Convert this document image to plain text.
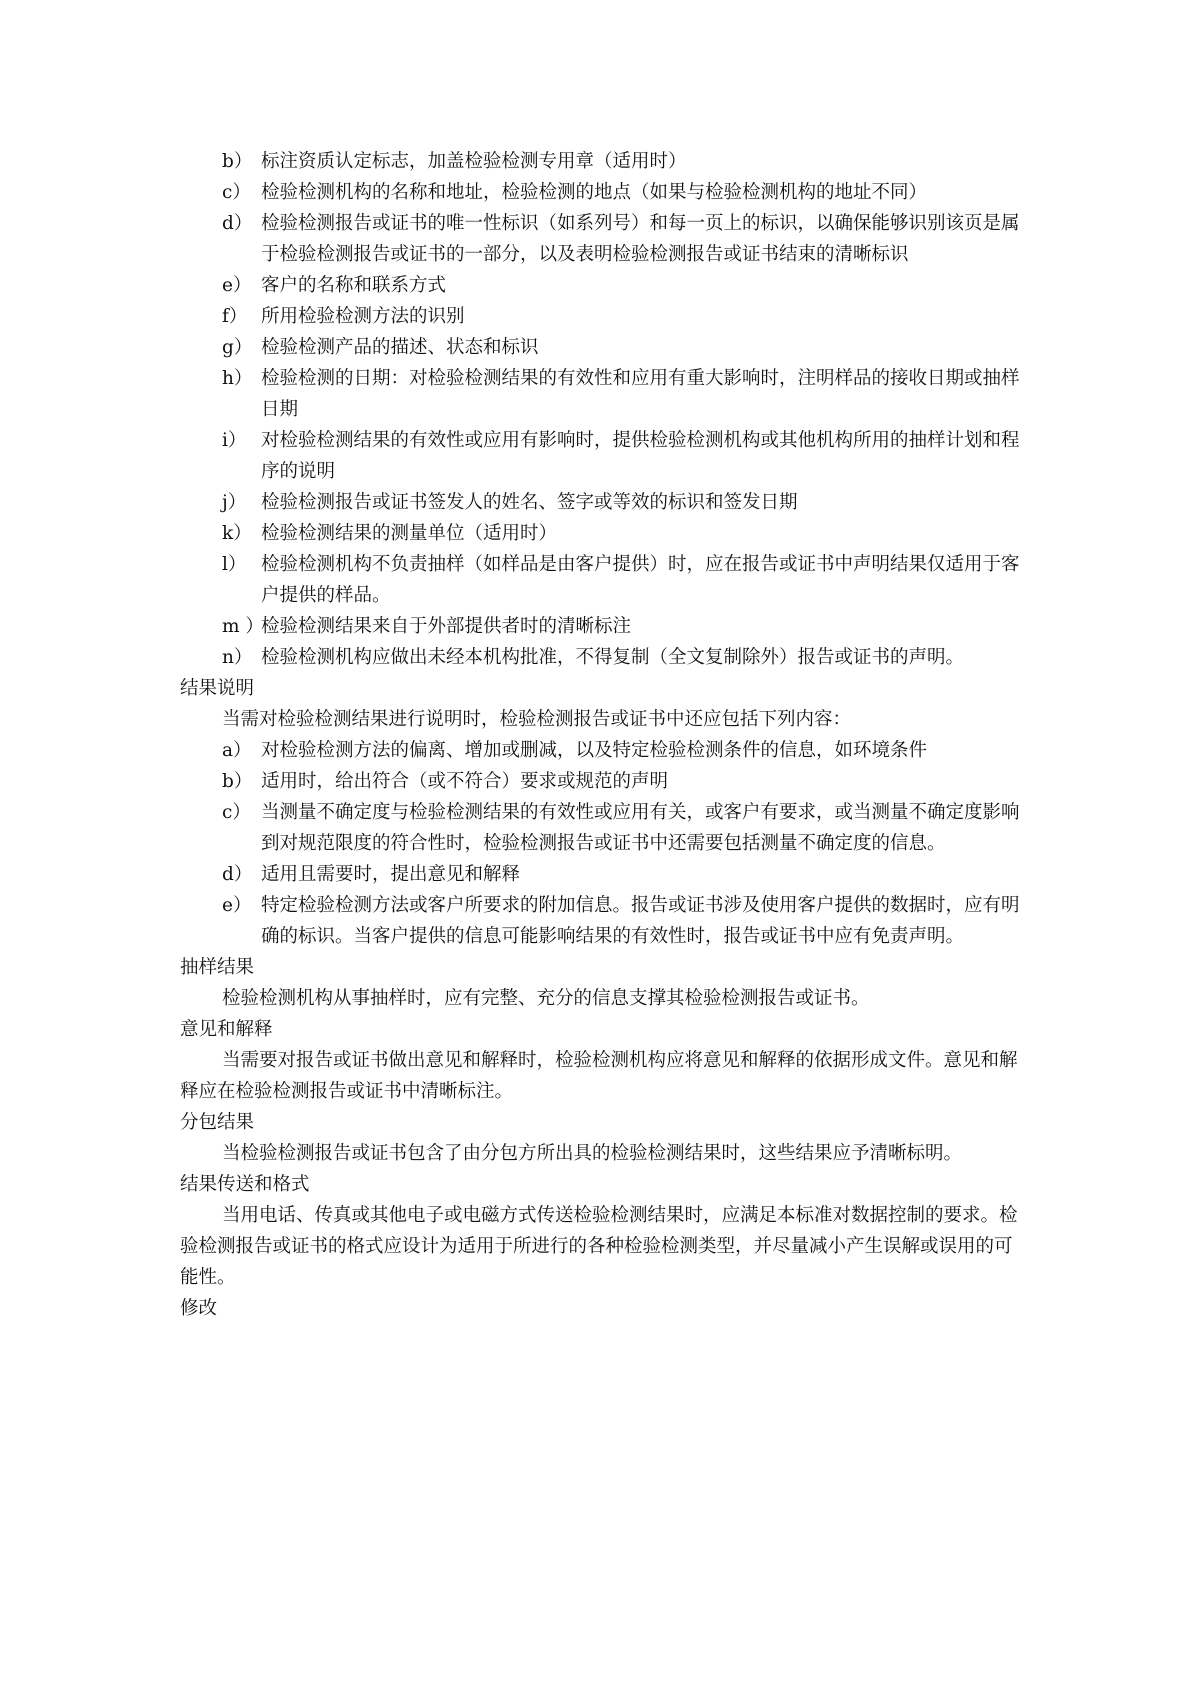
b） 标注资质认定标志，加盖检验检测专用章（适用时）
c） 检验检测机构的名称和地址，检验检测的地点（如果与检验检测机构的地址不同）
d） 检验检测报告或证书的唯一性标识（如系列号）和每一页上的标识，以确保能够识别该页是属于检验检测报告或证书的一部分，以及表明检验检测报告或证书结束的清晰标识
e） 客户的名称和联系方式
f） 所用检验检测方法的识别
g） 检验检测产品的描述、状态和标识
h） 检验检测的日期：对检验检测结果的有效性和应用有重大影响时，注明样品的接收日期或抽样日期
i） 对检验检测结果的有效性或应用有影响时，提供检验检测机构或其他机构所用的抽样计划和程序的说明
j） 检验检测报告或证书签发人的姓名、签字或等效的标识和签发日期
k） 检验检测结果的测量单位（适用时）
l） 检验检测机构不负责抽样（如样品是由客户提供）时，应在报告或证书中声明结果仅适用于客户提供的样品。
m ）
检验检测结果来自于外部提供者时的清晰标注
n） 检验检测机构应做出未经本机构批准，不得复制（全文复制除外）报告或证书的声明。
结果说明
当需对检验检测结果进行说明时，检验检测报告或证书中还应包括下列内容：
a） 对检验检测方法的偏离、增加或删减，以及特定检验检测条件的信息，如环境条件
b） 适用时，给出符合（或不符合）要求或规范的声明
c） 当测量不确定度与检验检测结果的有效性或应用有关，或客户有要求，或当测量不确定度影响到对规范限度的符合性时，检验检测报告或证书中还需要包括测量不确定度的信息。
d） 适用且需要时，提出意见和解释
e） 特定检验检测方法或客户所要求的附加信息。报告或证书涉及使用客户提供的数据时，应有明确的标识。当客户提供的信息可能影响结果的有效性时，报告或证书中应有免责声明。
抽样结果
检验检测机构从事抽样时，应有完整、充分的信息支撑其检验检测报告或证书。
意见和解释
当需要对报告或证书做出意见和解释时，检验检测机构应将意见和解释的依据形成文件。意见和解释应在检验检测报告或证书中清晰标注。
分包结果
当检验检测报告或证书包含了由分包方所出具的检验检测结果时，这些结果应予清晰标明。
结果传送和格式
当用电话、传真或其他电子或电磁方式传送检验检测结果时，应满足本标准对数据控制的要求。检验检测报告或证书的格式应设计为适用于所进行的各种检验检测类型，并尽量减小产生误解或误用的可能性。
修改
